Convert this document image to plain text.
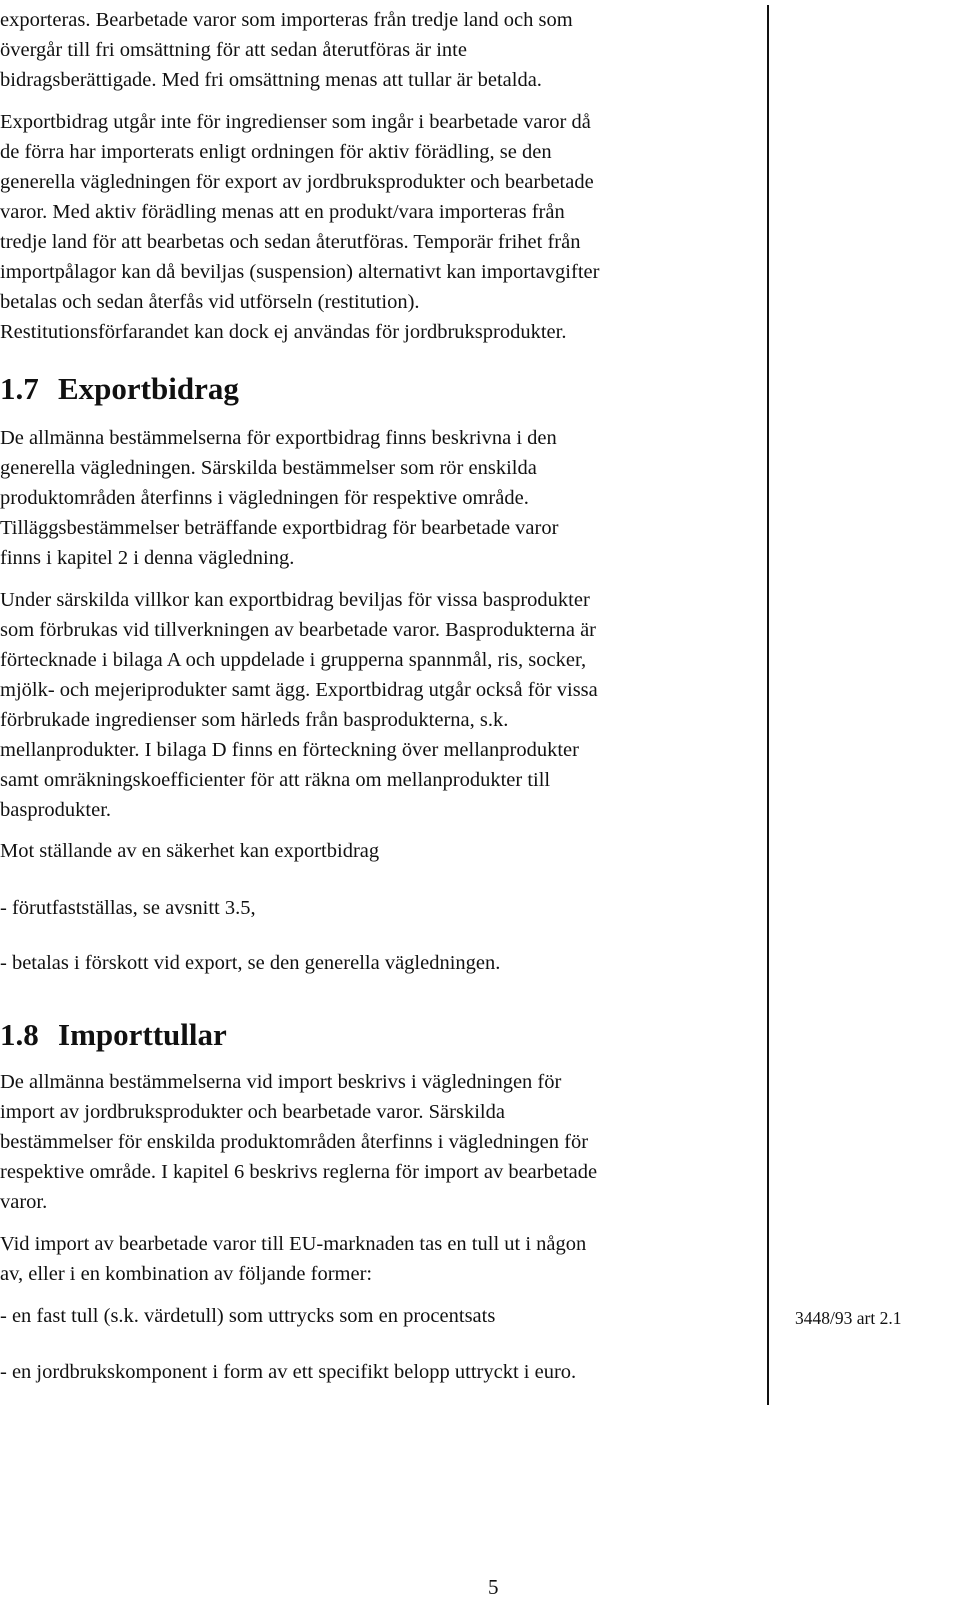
exporteras. Bearbetade varor som importeras från tredje land och som
övergår till fri omsättning för att sedan återutföras är inte
bidragsberättigade. Med fri omsättning menas att tullar är betalda.
Exportbidrag utgår inte för ingredienser som ingår i bearbetade varor då
de förra har importerats enligt ordningen för aktiv förädling, se den
generella vägledningen för export av jordbruksprodukter och bearbetade
varor. Med aktiv förädling menas att en produkt/vara importeras från
tredje land för att bearbetas och sedan återutföras. Temporär frihet från
importpålagor kan då beviljas (suspension) alternativt kan importavgifter
betalas och sedan återfås vid utförseln (restitution).
Restitutionsförfarandet kan dock ej användas för jordbruksprodukter.
1.7 Exportbidrag
De allmänna bestämmelserna för exportbidrag finns beskrivna i den
generella vägledningen. Särskilda bestämmelser som rör enskilda
produktområden återfinns i vägledningen för respektive område.
Tilläggsbestämmelser beträffande exportbidrag för bearbetade varor
finns i kapitel 2 i denna vägledning.
Under särskilda villkor kan exportbidrag beviljas för vissa basprodukter
som förbrukas vid tillverkningen av bearbetade varor. Basprodukterna är
förtecknade i bilaga A och uppdelade i grupperna spannmål, ris, socker,
mjölk- och mejeriprodukter samt ägg. Exportbidrag utgår också för vissa
förbrukade ingredienser som härleds från basprodukterna, s.k.
mellanprodukter. I bilaga D finns en förteckning över mellanprodukter
samt omräkningskoefficienter för att räkna om mellanprodukter till
basprodukter.
Mot ställande av en säkerhet kan exportbidrag
- förutfastställas, se avsnitt 3.5,
- betalas i förskott vid export, se den generella vägledningen.
1.8 Importtullar
De allmänna bestämmelserna vid import beskrivs i vägledningen för
import av jordbruksprodukter och bearbetade varor. Särskilda
bestämmelser för enskilda produktområden återfinns i vägledningen för
respektive område. I kapitel 6 beskrivs reglerna för import av bearbetade
varor.
Vid import av bearbetade varor till EU-marknaden tas en tull ut i någon
av, eller i en kombination av följande former:
- en fast tull (s.k. värdetull) som uttrycks som en procentsats
- en jordbrukskomponent i form av ett specifikt belopp uttryckt i euro.
3448/93 art 2.1
5
